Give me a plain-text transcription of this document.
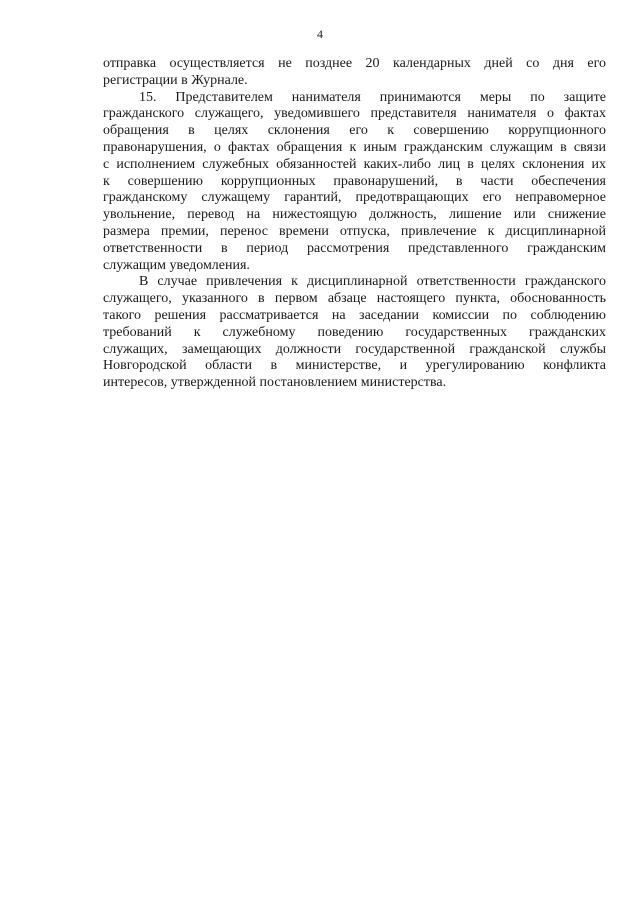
4
отправка осуществляется не позднее 20 календарных дней со дня его
регистрации в Журнале.
15. Представителем нанимателя принимаются меры по защите
гражданского служащего, уведомившего представителя нанимателя о фактах
обращения в целях склонения его к совершению коррупционного
правонарушения, о фактах обращения к иным гражданским служащим в связи
с исполнением служебных обязанностей каких-либо лиц в целях склонения их
к совершению коррупционных правонарушений, в части обеспечения
гражданскому служащему гарантий, предотвращающих его неправомерное
увольнение, перевод на нижестоящую должность, лишение или снижение
размера премии, перенос времени отпуска, привлечение к дисциплинарной
ответственности в период рассмотрения представленного гражданским
служащим уведомления.
В случае привлечения к дисциплинарной ответственности гражданского
служащего, указанного в первом абзаце настоящего пункта, обоснованность
такого решения рассматривается на заседании комиссии по соблюдению
требований к служебному поведению государственных гражданских
служащих, замещающих должности государственной гражданской службы
Новгородской области в министерстве, и урегулированию конфликта
интересов, утвержденной постановлением министерства.
